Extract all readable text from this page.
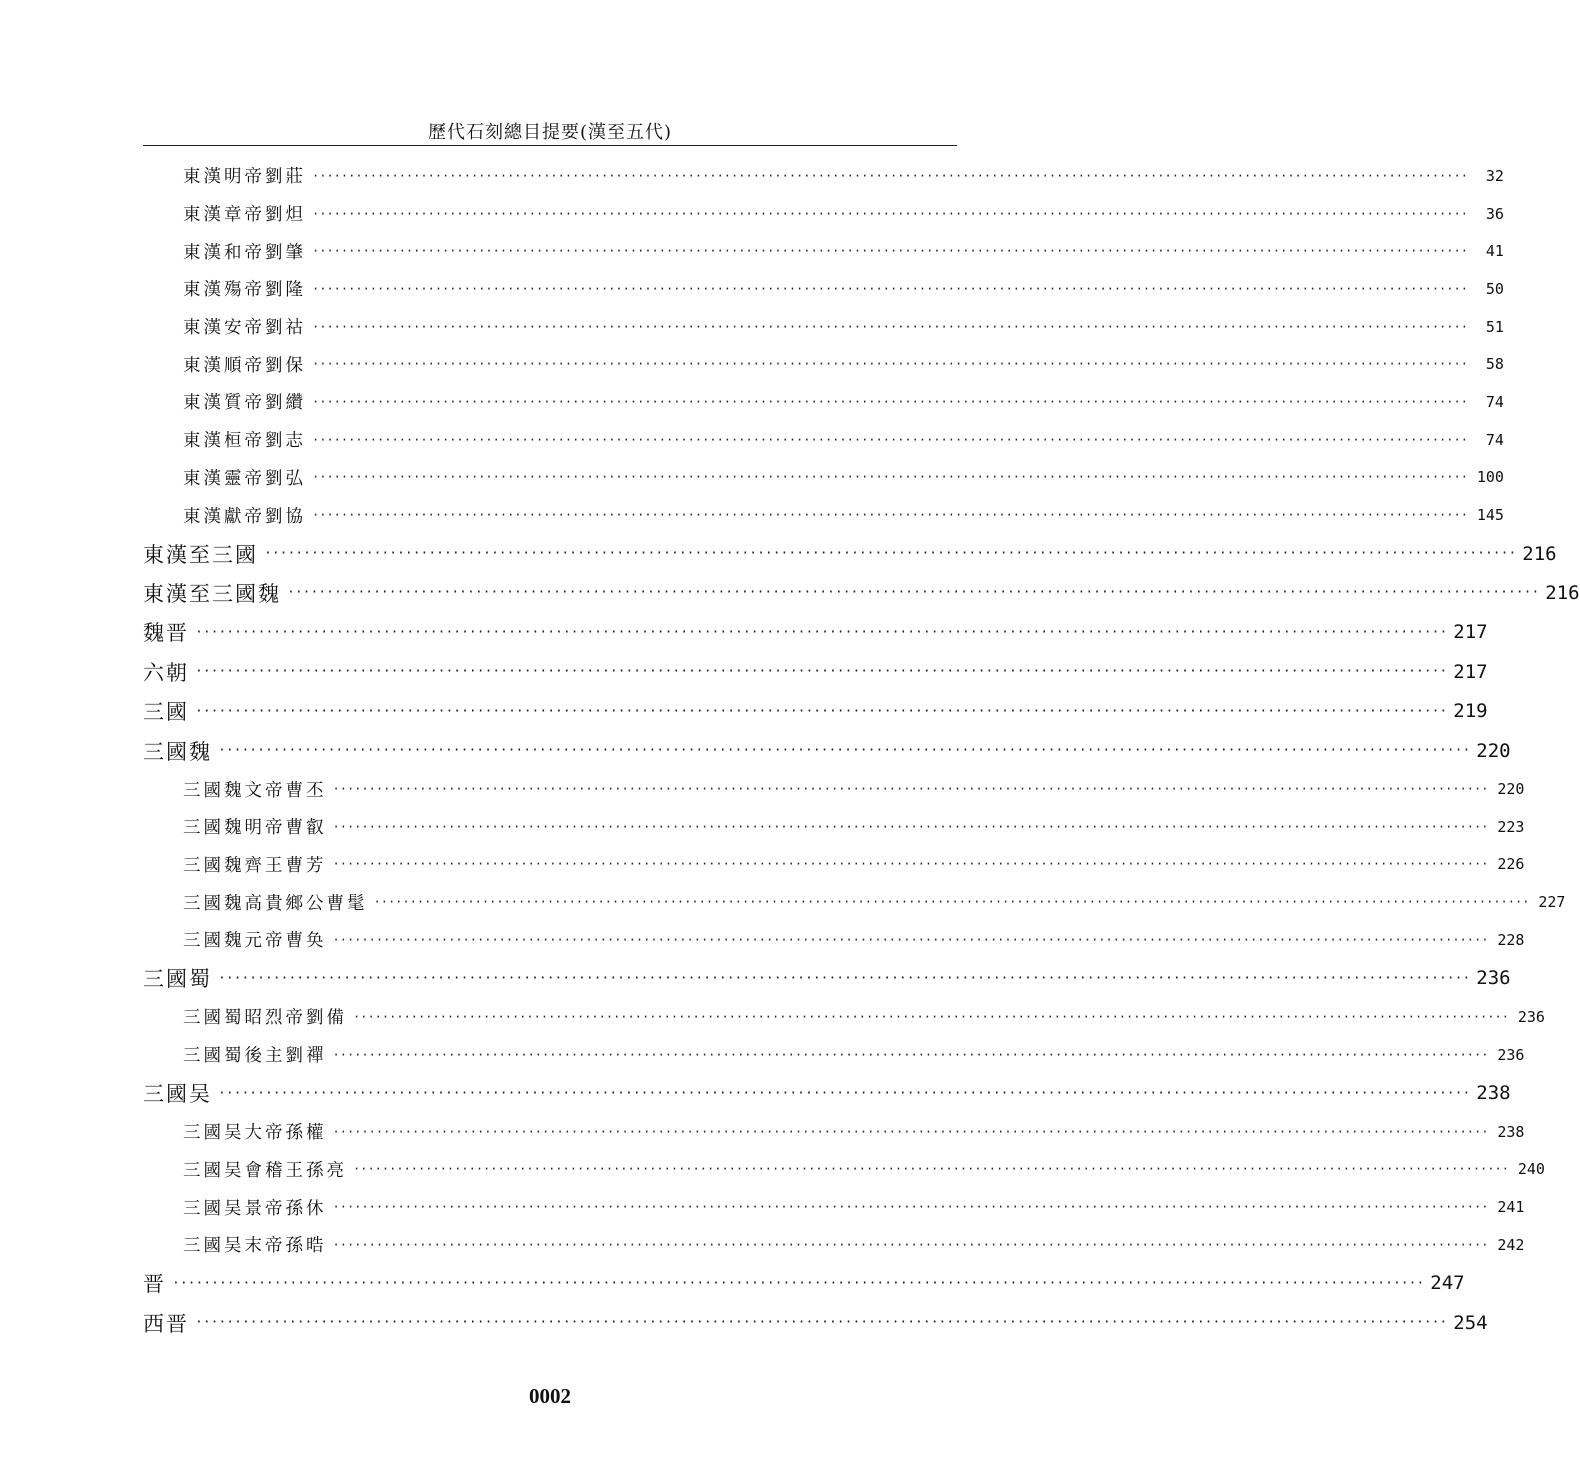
歷代石刻總目提要(漢至五代)
東漢明帝劉莊 ································································································································································	32
東漢章帝劉炟 ································································································································································	36
東漢和帝劉肇 ································································································································································	41
東漢殤帝劉隆 ································································································································································	50
東漢安帝劉祜 ································································································································································	51
東漢順帝劉保 ································································································································································	58
東漢質帝劉纘 ································································································································································	74
東漢桓帝劉志 ································································································································································	74
東漢靈帝劉弘 ································································································································································ 100
東漢獻帝劉協 ································································································································································ 145
東漢至三國 ································································································································································ 216
東漢至三國魏 ································································································································································ 216
魏晋 ································································································································································ 217
六朝 ································································································································································ 217
三國 ································································································································································ 219
三國魏 ································································································································································ 220
三國魏文帝曹丕 ································································································································································ 220
三國魏明帝曹叡 ································································································································································ 223
三國魏齊王曹芳 ································································································································································ 226
三國魏高貴鄉公曹髦 ································································································································································ 227
三國魏元帝曹奂 ································································································································································ 228
三國蜀 ································································································································································ 236
三國蜀昭烈帝劉備 ································································································································································ 236
三國蜀後主劉禪 ································································································································································ 236
三國吴 ································································································································································ 238
三國吴大帝孫權 ································································································································································ 238
三國吴會稽王孫亮 ································································································································································ 240
三國吴景帝孫休 ································································································································································ 241
三國吴末帝孫晧 ································································································································································ 242
晋 ································································································································································ 247
西晋 ································································································································································ 254
0002
